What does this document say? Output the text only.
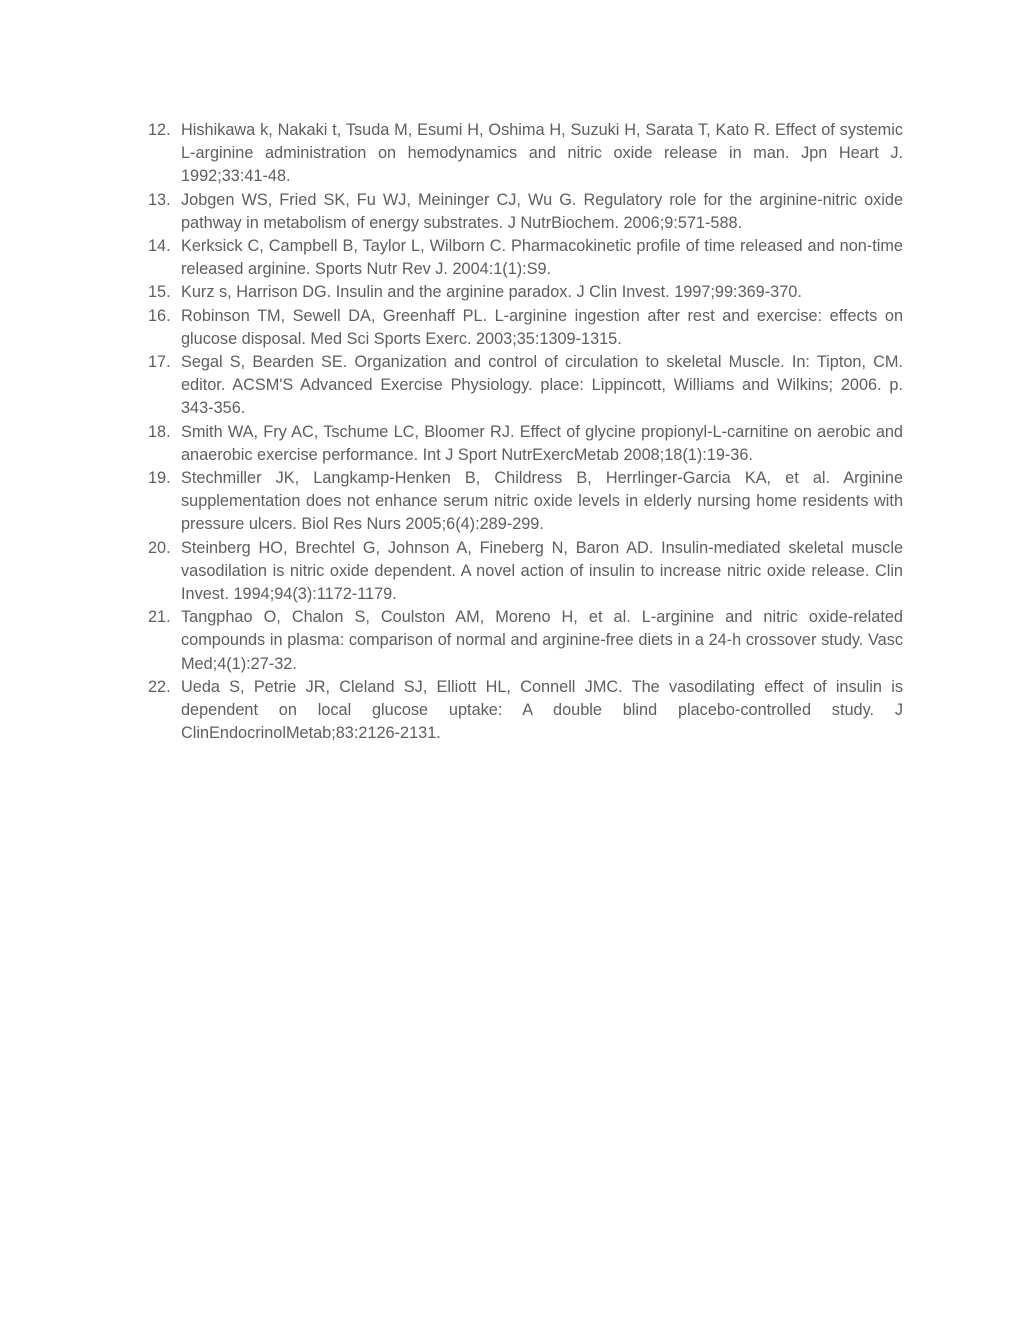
12. Hishikawa k, Nakaki t, Tsuda M, Esumi H, Oshima H, Suzuki H, Sarata T, Kato R. Effect of systemic L-arginine administration on hemodynamics and nitric oxide release in man. Jpn Heart J. 1992;33:41-48.
13. Jobgen WS, Fried SK, Fu WJ, Meininger CJ, Wu G. Regulatory role for the arginine-nitric oxide pathway in metabolism of energy substrates. J NutrBiochem. 2006;9:571-588.
14. Kerksick C, Campbell B, Taylor L, Wilborn C. Pharmacokinetic profile of time released and non-time released arginine. Sports Nutr Rev J. 2004:1(1):S9.
15. Kurz s, Harrison DG. Insulin and the arginine paradox. J Clin Invest. 1997;99:369-370.
16. Robinson TM, Sewell DA, Greenhaff PL. L-arginine ingestion after rest and exercise: effects on glucose disposal. Med Sci Sports Exerc. 2003;35:1309-1315.
17. Segal S, Bearden SE. Organization and control of circulation to skeletal Muscle. In: Tipton, CM. editor. ACSM'S Advanced Exercise Physiology. place: Lippincott, Williams and Wilkins; 2006. p. 343-356.
18. Smith WA, Fry AC, Tschume LC, Bloomer RJ. Effect of glycine propionyl-L-carnitine on aerobic and anaerobic exercise performance. Int J Sport NutrExercMetab 2008;18(1):19-36.
19. Stechmiller JK, Langkamp-Henken B, Childress B, Herrlinger-Garcia KA, et al. Arginine supplementation does not enhance serum nitric oxide levels in elderly nursing home residents with pressure ulcers. Biol Res Nurs 2005;6(4):289-299.
20. Steinberg HO, Brechtel G, Johnson A, Fineberg N, Baron AD. Insulin-mediated skeletal muscle vasodilation is nitric oxide dependent. A novel action of insulin to increase nitric oxide release. Clin Invest. 1994;94(3):1172-1179.
21. Tangphao O, Chalon S, Coulston AM, Moreno H, et al. L-arginine and nitric oxide-related compounds in plasma: comparison of normal and arginine-free diets in a 24-h crossover study. Vasc Med;4(1):27-32.
22. Ueda S, Petrie JR, Cleland SJ, Elliott HL, Connell JMC. The vasodilating effect of insulin is dependent on local glucose uptake: A double blind placebo-controlled study. J ClinEndocrinolMetab;83:2126-2131.
